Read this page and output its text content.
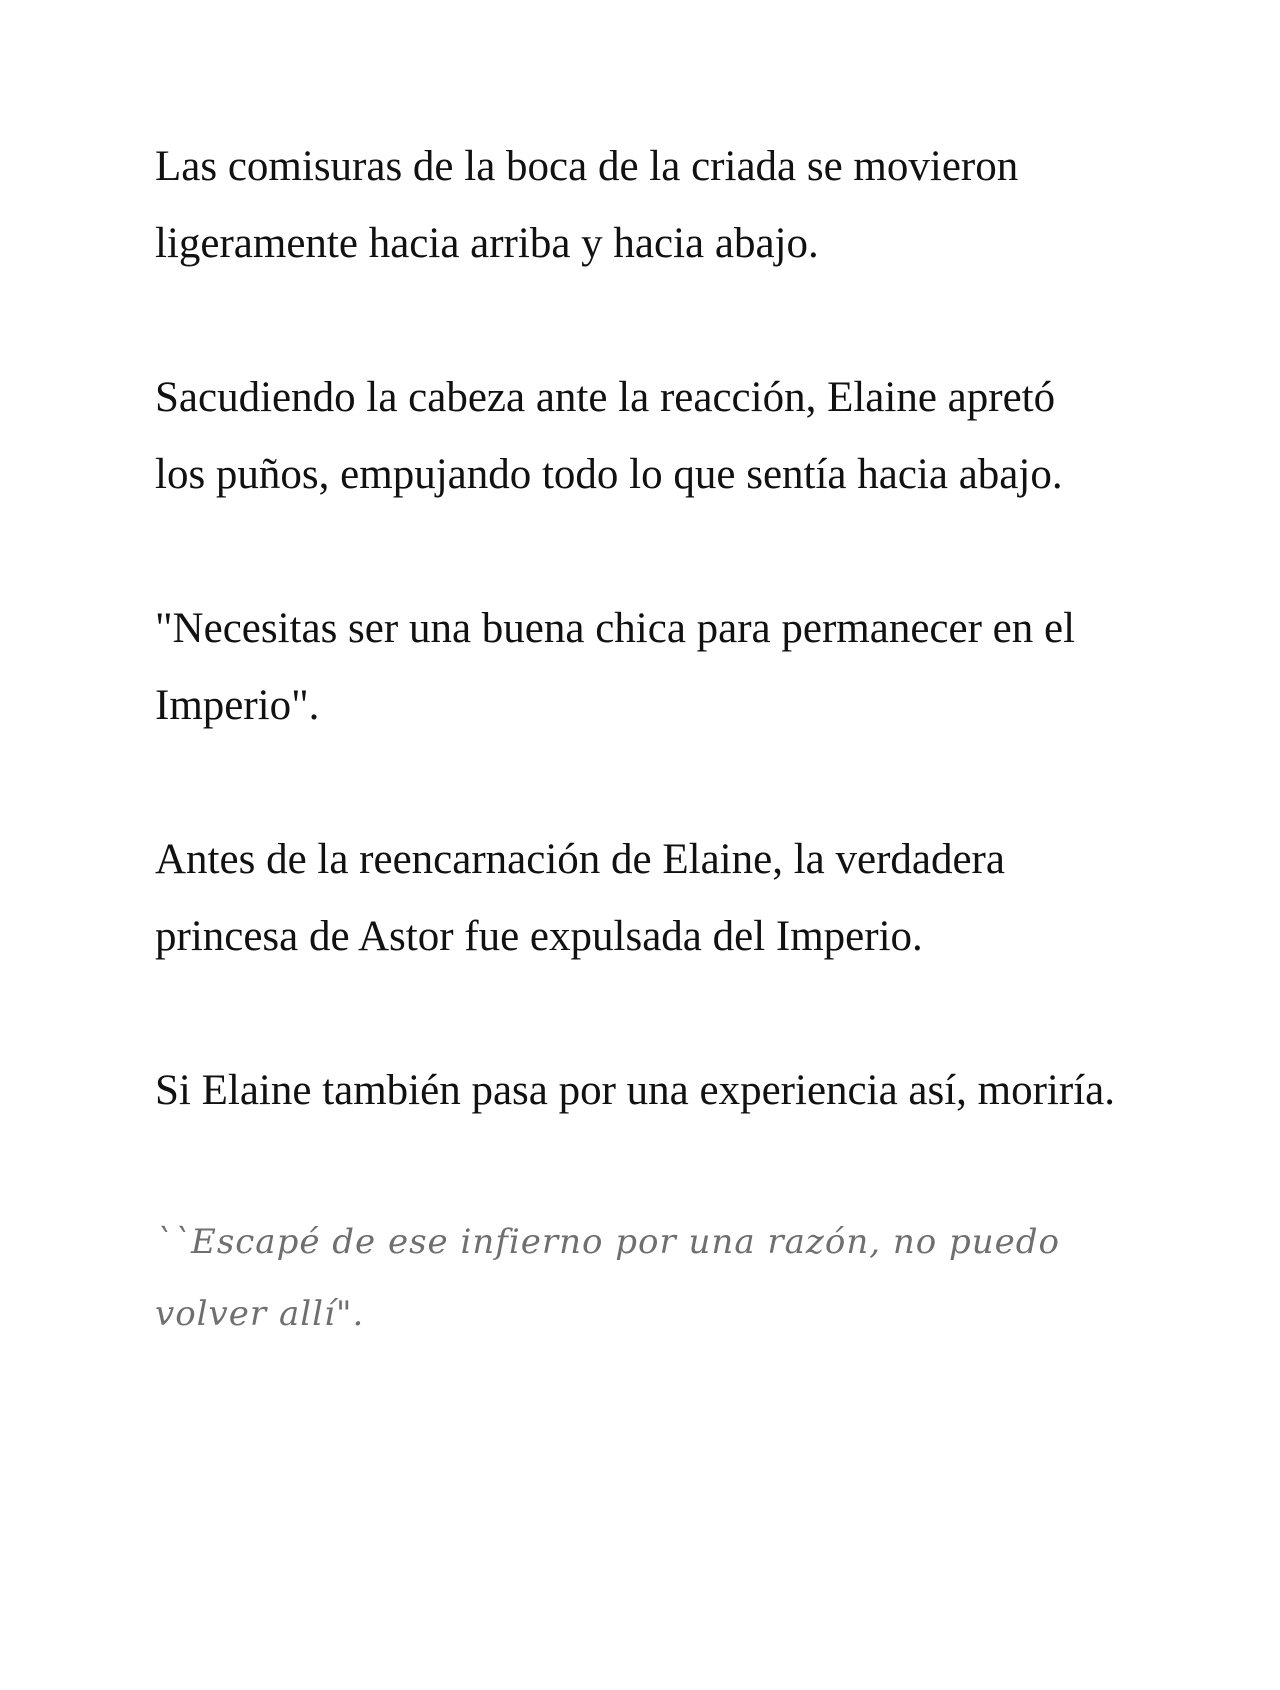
Las comisuras de la boca de la criada se movieron ligeramente hacia arriba y hacia abajo.

Sacudiendo la cabeza ante la reacción, Elaine apretó los puños, empujando todo lo que sentía hacia abajo.

"Necesitas ser una buena chica para permanecer en el Imperio".

Antes de la reencarnación de Elaine, la verdadera princesa de Astor fue expulsada del Imperio.

Si Elaine también pasa por una experiencia así, moriría.

``Escapé de ese infierno por una razón, no puedo volver allí".
